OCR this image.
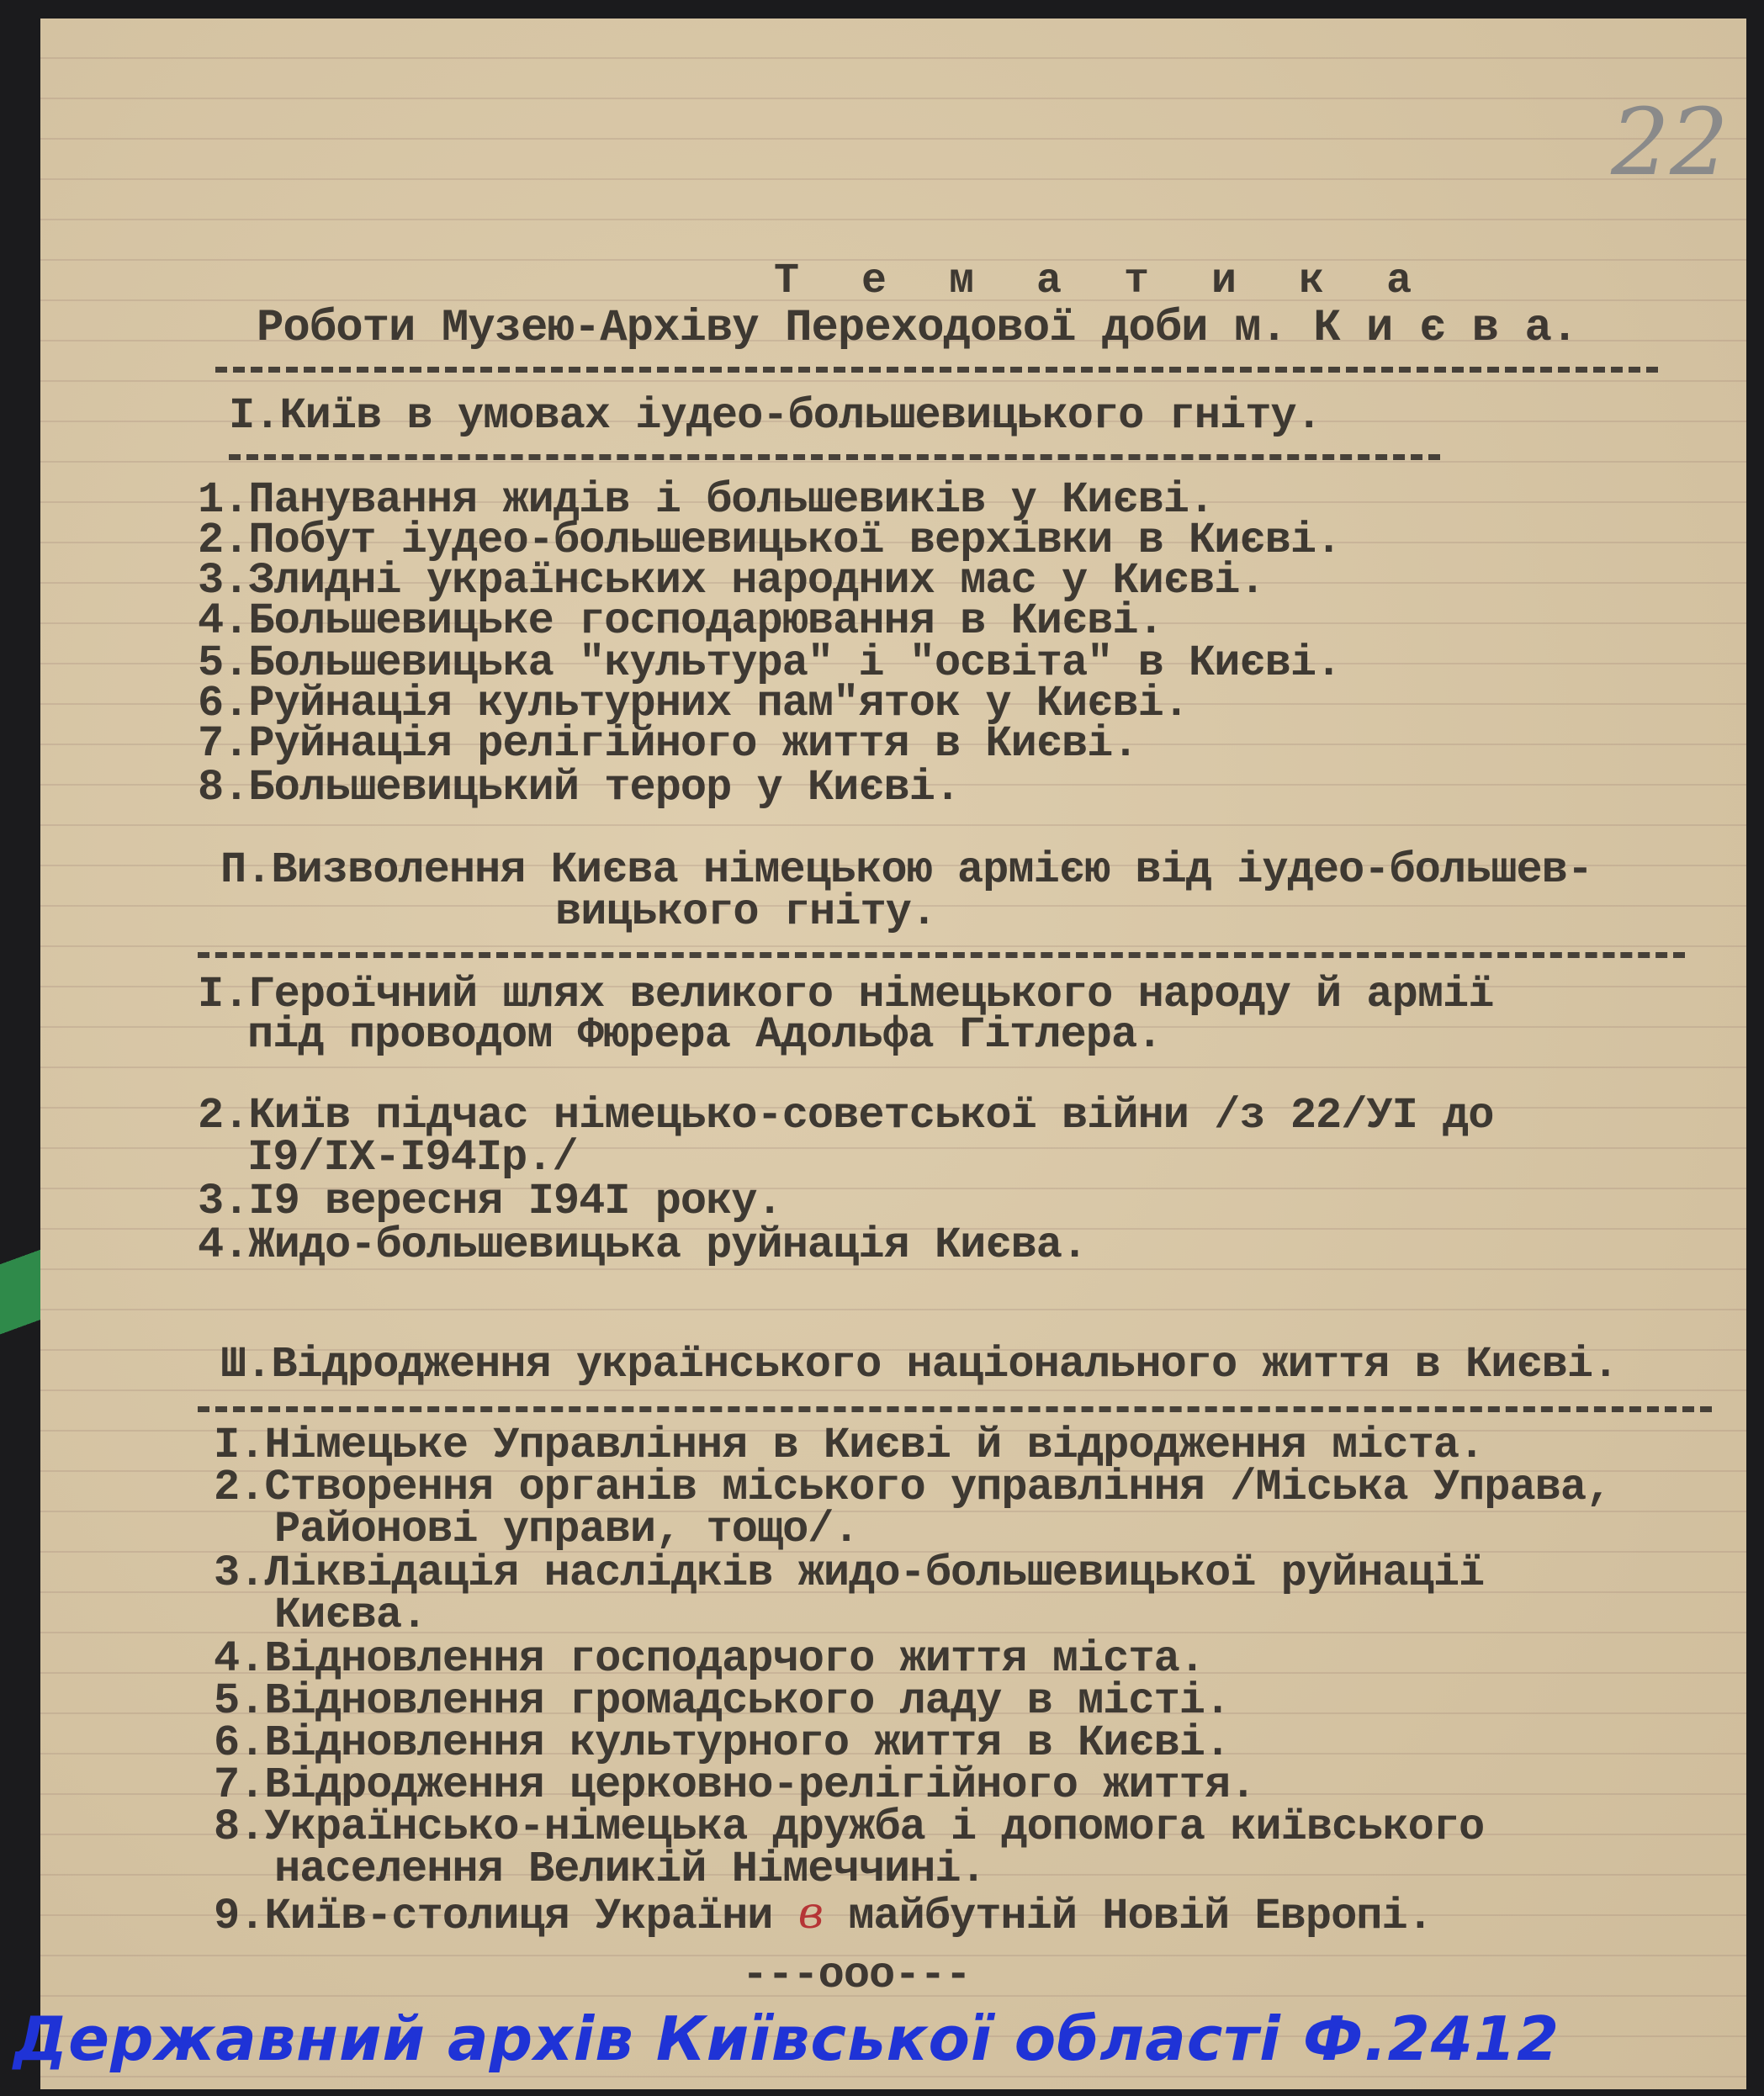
22
Т е м а т и к а
Роботи Музею-Архіву Переходової доби м. К и є в а.
І.Київ в умовах іудео-большевицького гніту.
1.Панування жидів і большевиків у Києві.
2.Побут іудео-большевицької верхівки в Києві.
3.Злидні українських народних мас у Києві.
4.Большевицьке господарювання в Києві.
5.Большевицька "культура" і "освіта" в Києві.
6.Руйнація культурних пам"яток у Києві.
7.Руйнація релігійного життя в Києві.
8.Большевицький терор у Києві.
П.Визволення Києва німецькою армією від іудео-большев-
вицького гніту.
І.Героїчний шлях великого німецького народу й армії
під проводом Фюрера Адольфа Гітлера.
2.Київ підчас німецько-советської війни /з 22/УІ до
I9/IX-I94Iр./
3.I9 вересня I94I року.
4.Жидо-большевицька руйнація Києва.
Ш.Відродження українського національного життя в Києві.
І.Німецьке Управління в Києві й відродження міста.
2.Створення органів міського управління /Міська Управа,
Районові управи, тощо/.
3.Ліквідація наслідків жидо-большевицької руйнації
Києва.
4.Відновлення господарчого життя міста.
5.Відновлення громадського ладу в місті.
6.Відновлення культурного життя в Києві.
7.Відродження церковно-релігійного життя.
8.Українсько-німецька дружба і допомога київського
населення Великій Німеччині.
9.Київ-столиця України в майбутній Новій Европі.
---ooo---
Державний архів Київської області Ф.2412
